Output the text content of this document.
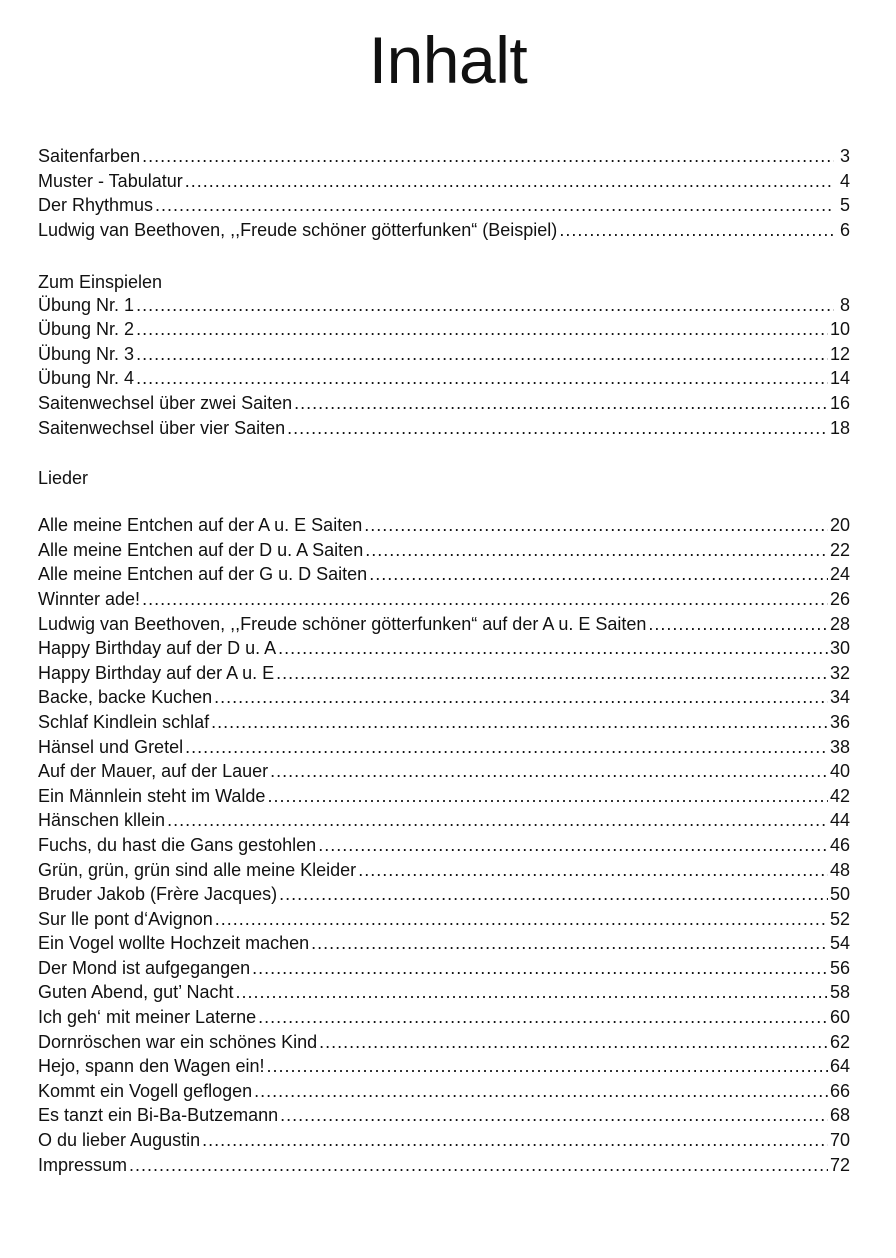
Inhalt
Saitenfarben .....	3
Muster - Tabulatur .....	4
Der Rhythmus .....	5
Ludwig van Beethoven, ,,Freude schöner götterfunken“ (Beispiel) .....	6
Zum Einspielen
Übung Nr. 1 .....	8
Übung Nr. 2 .....	10
Übung Nr. 3 .....	12
Übung Nr. 4 .....	14
Saitenwechsel über zwei Saiten .....	16
Saitenwechsel über vier Saiten .....	18
Lieder
Alle meine Entchen auf der A u. E Saiten .....	20
Alle meine Entchen auf der D u. A Saiten .....	22
Alle meine Entchen auf der G u. D Saiten .....	24
Winnter ade! .....	26
Ludwig van Beethoven, ,,Freude schöner götterfunken“ auf der A u. E Saiten .....	28
Happy Birthday auf der D u. A .....	30
Happy Birthday auf der A u. E .....	32
Backe, backe Kuchen .....	34
Schlaf Kindlein schlaf .....	36
Hänsel und Gretel .....	38
Auf der Mauer, auf der Lauer .....	40
Ein Männlein steht im Walde .....	42
Hänschen kllein .....	44
Fuchs, du hast die Gans gestohlen .....	46
Grün, grün, grün sind alle meine Kleider .....	48
Bruder Jakob (Frère Jacques) .....	50
Sur lle pont d‘Avignon .....	52
Ein Vogel wollte Hochzeit machen .....	54
Der Mond ist aufgegangen .....	56
Guten Abend, gut’ Nacht .....	58
Ich geh‘ mit meiner Laterne .....	60
Dornröschen war ein schönes Kind .....	62
Hejo, spann den Wagen ein! .....	64
Kommt ein Vogell geflogen .....	66
Es tanzt ein Bi-Ba-Butzemann .....	68
O du lieber Augustin .....	70
Impressum .....	72
